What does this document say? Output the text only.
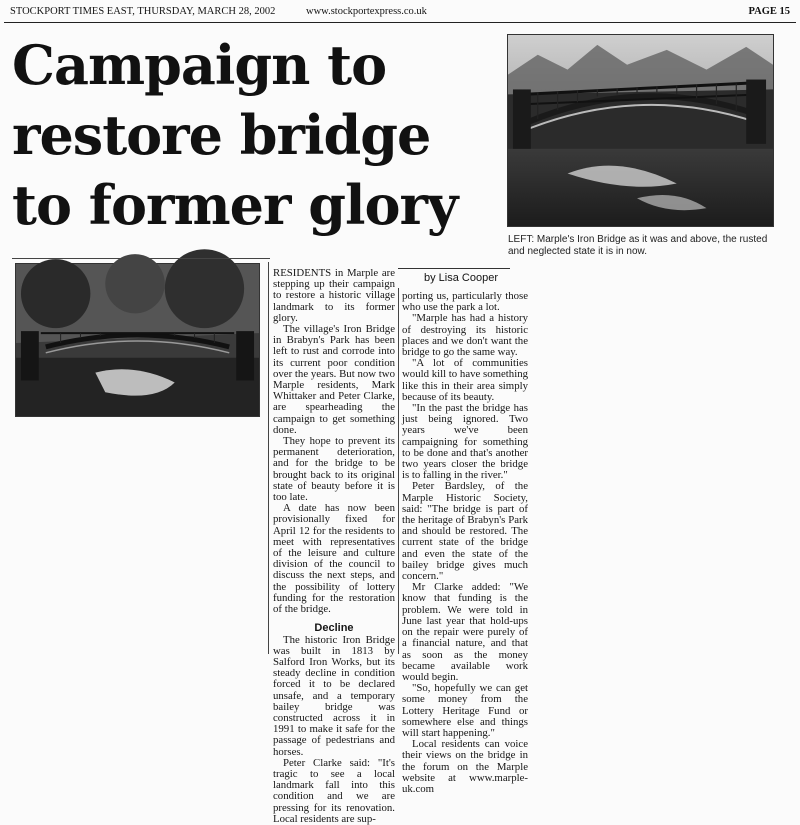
STOCKPORT TIMES EAST, THURSDAY, MARCH 28, 2002	www.stockportexpress.co.uk	PAGE 15
Campaign to
restore bridge
to former glory
LEFT: Marple's Iron Bridge as it was and above, the rusted and neglected state it is in now.
by Lisa Cooper

RESIDENTS in Marple are stepping up their campaign to restore a historic village landmark to its former glory.

The village's Iron Bridge in Brabyn's Park has been left to rust and corrode into its current poor condition over the years. But now two Marple residents, Mark Whittaker and Peter Clarke, are spearheading the campaign to get something done.

They hope to prevent its permanent deterioration, and for the bridge to be brought back to its original state of beauty before it is too late.

A date has now been provisionally fixed for April 12 for the residents to meet with representatives of the leisure and culture division of the council to discuss the next steps, and the possibility of lottery funding for the restoration of the bridge.

Decline

The historic Iron Bridge was built in 1813 by Salford Iron Works, but its steady decline in condition forced it to be declared unsafe, and a temporary bailey bridge was constructed across it in 1991 to make it safe for the passage of pedestrians and horses.

Peter Clarke said: "It's tragic to see a local landmark fall into this condition and we are pressing for its renovation. Local residents are sup-

porting us, particularly those who use the park a lot.

"Marple has had a history of destroying its historic places and we don't want the bridge to go the same way.

"A lot of communities would kill to have something like this in their area simply because of its beauty.

"In the past the bridge has just being ignored. Two years we've been campaigning for something to be done and that's another two years closer the bridge is to falling in the river."

Peter Bardsley, of the Marple Historic Society, said: "The bridge is part of the heritage of Brabyn's Park and should be restored. The current state of the bridge and even the state of the bailey bridge gives much concern."

Mr Clarke added: "We know that funding is the problem. We were told in June last year that hold-ups on the repair were purely of a financial nature, and that as soon as the money became available work would begin.

"So, hopefully we can get some money from the Lottery Heritage Fund or somewhere else and things will start happening."

Local residents can voice their views on the bridge in the forum on the Marple website at www.marple-uk.com
